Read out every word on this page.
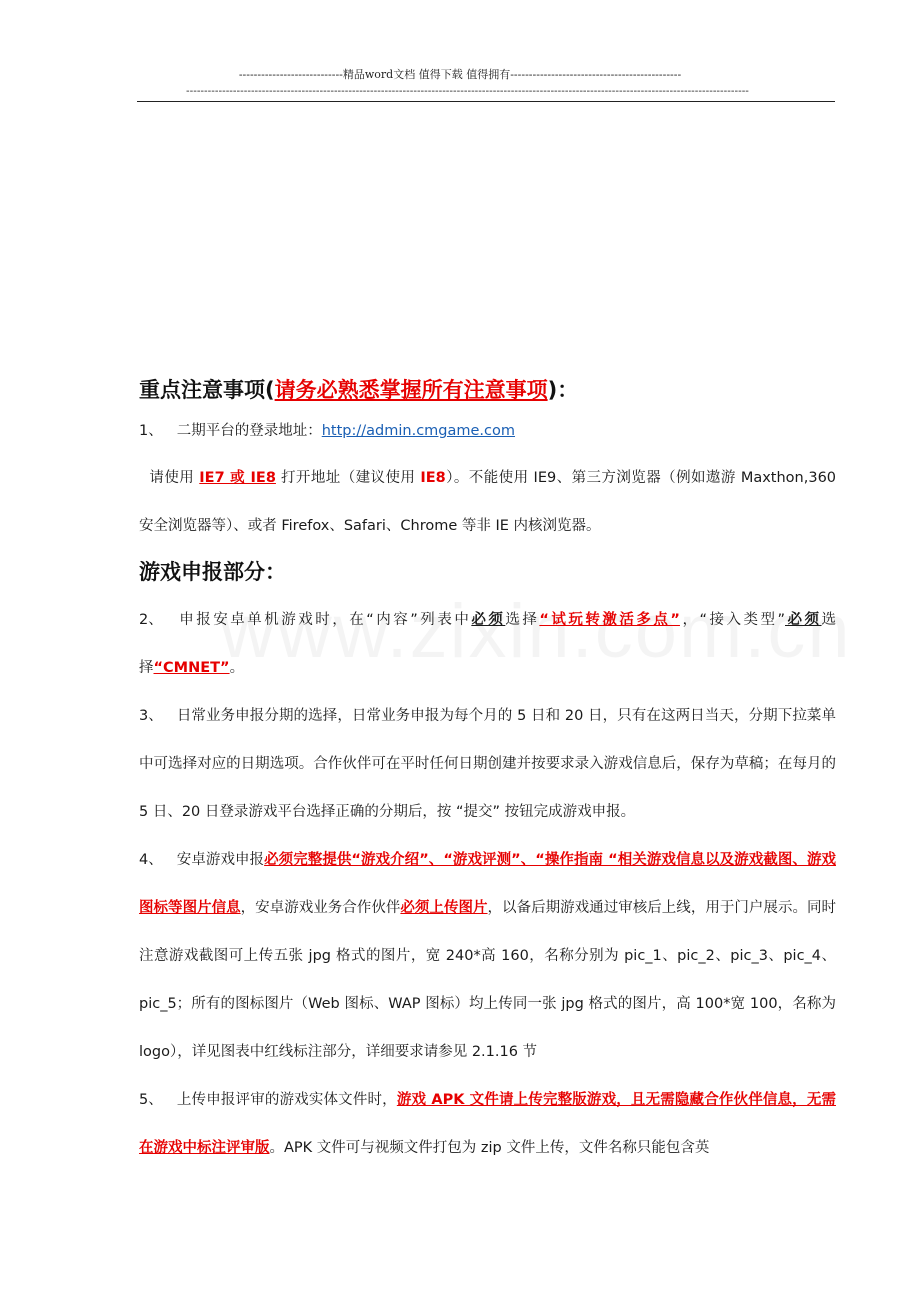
----------------------------精品word文档 值得下载 值得拥有----------------------------------------------
------------------------------------------------------------------------------------------------------------------------------------------------------------
重点注意事项(请务必熟悉掌握所有注意事项)：

1、 二期平台的登录地址：http://admin.cmgame.com

请使用 IE7 或 IE8 打开地址（建议使用 IE8）。不能使用 IE9、第三方浏览器（例如遨游 Maxthon,360 安全浏览器等）、或者 Firefox、Safari、Chrome 等非 IE 内核浏览器。

游戏申报部分：

2、 申报安卓单机游戏时，在“内容”列表中必须选择“试玩转激活多点”，“接入类型”必须选择“CMNET”。

3、 日常业务申报分期的选择，日常业务申报为每个月的 5 日和 20 日，只有在这两日当天，分期下拉菜单中可选择对应的日期选项。合作伙伴可在平时任何日期创建并按要求录入游戏信息后，保存为草稿；在每月的 5 日、20 日登录游戏平台选择正确的分期后，按 “提交” 按钮完成游戏申报。

4、 安卓游戏申报必须完整提供“游戏介绍”、“游戏评测”、“操作指南 “相关游戏信息以及游戏截图、游戏图标等图片信息，安卓游戏业务合作伙伴必须上传图片，以备后期游戏通过审核后上线，用于门户展示。同时注意游戏截图可上传五张 jpg 格式的图片，宽 240*高 160，名称分别为 pic_1、pic_2、pic_3、pic_4、pic_5；所有的图标图片（Web 图标、WAP 图标）均上传同一张 jpg 格式的图片，高 100*宽 100，名称为 logo），详见图表中红线标注部分，详细要求请参见 2.1.16 节

5、 上传申报评审的游戏实体文件时，游戏 APK 文件请上传完整版游戏，且无需隐藏合作伙伴信息，无需在游戏中标注评审版。APK 文件可与视频文件打包为 zip 文件上传，文件名称只能包含英
